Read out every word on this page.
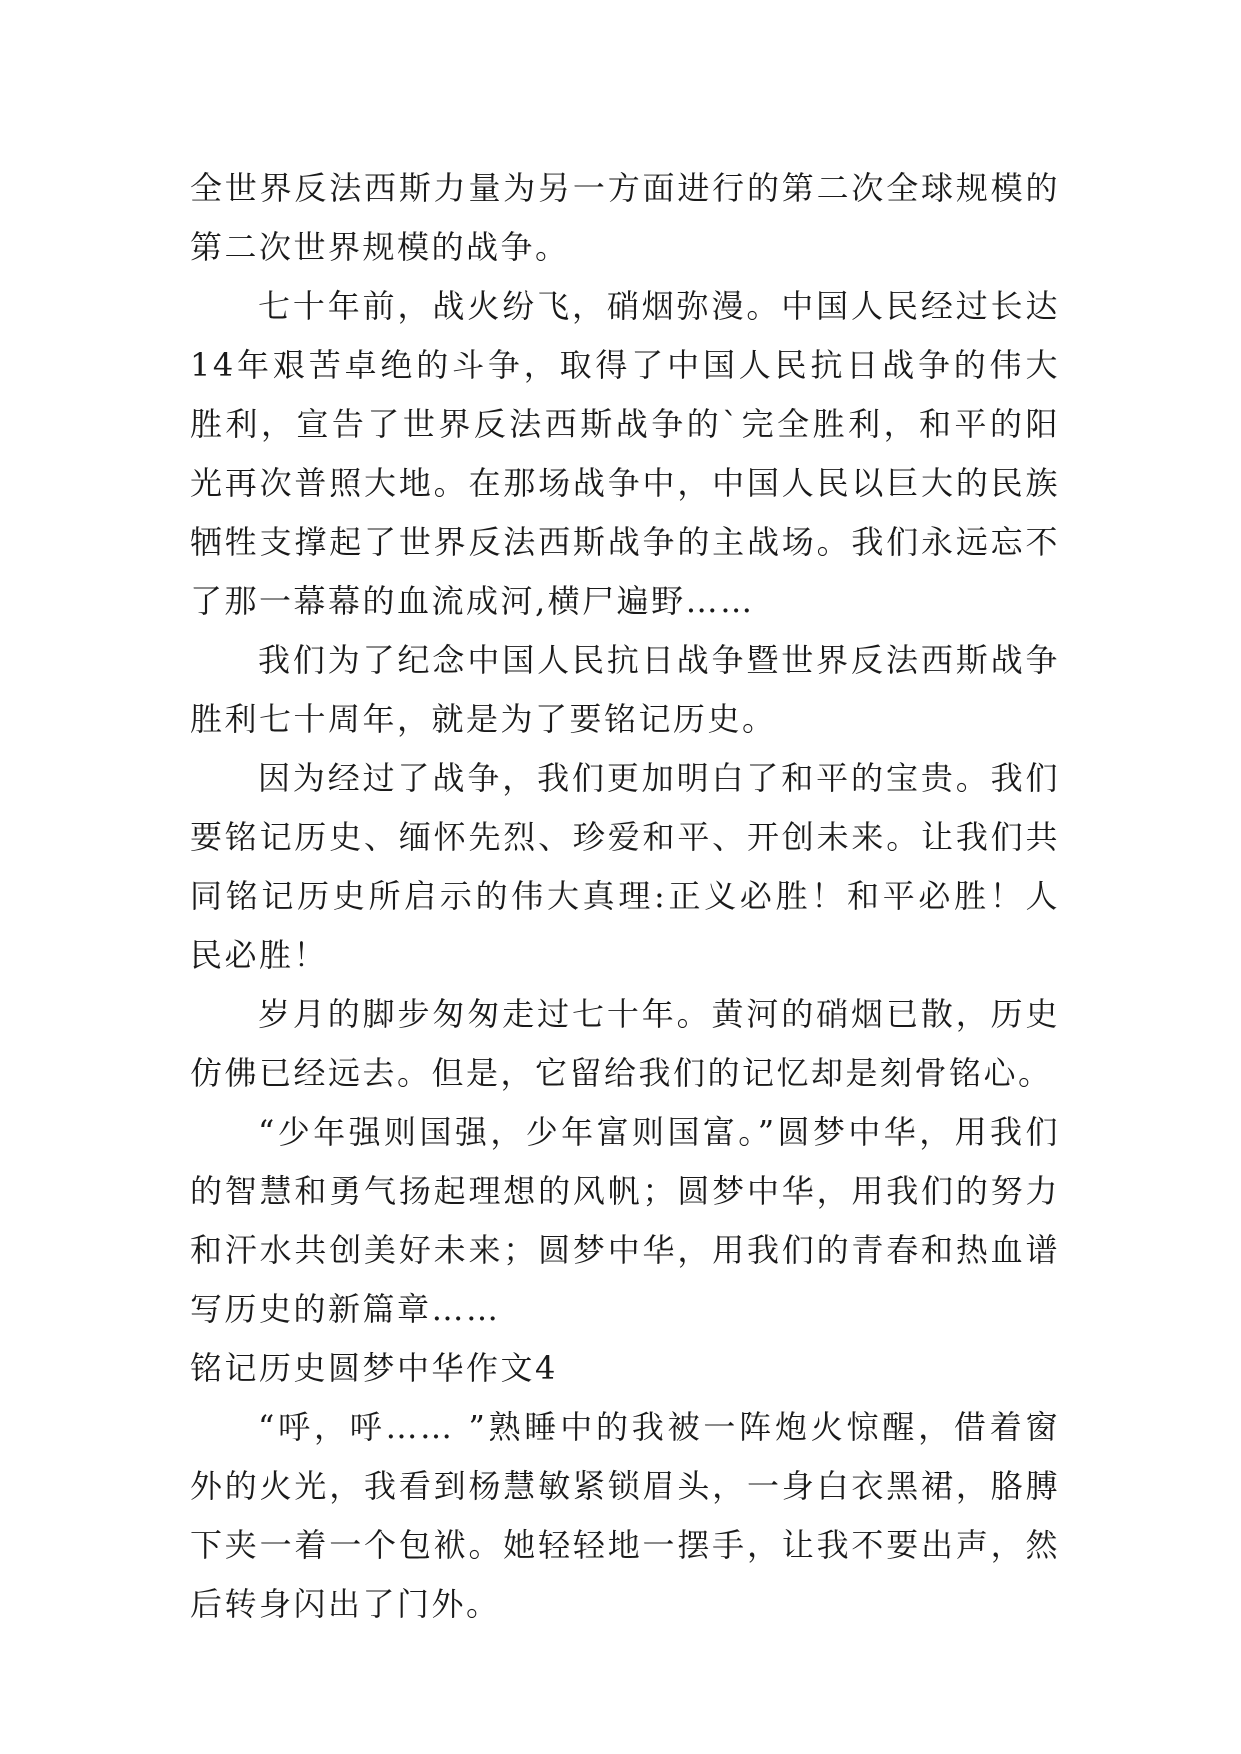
全世界反法西斯力量为另一方面进行的第二次全球规模的第二次世界规模的战争。

七十年前，战火纷飞，硝烟弥漫。中国人民经过长达14年艰苦卓绝的斗争，取得了中国人民抗日战争的伟大胜利，宣告了世界反法西斯战争的`完全胜利，和平的阳光再次普照大地。在那场战争中，中国人民以巨大的民族牺牲支撑起了世界反法西斯战争的主战场。我们永远忘不了那一幕幕的血流成河,横尸遍野……

我们为了纪念中国人民抗日战争暨世界反法西斯战争胜利七十周年，就是为了要铭记历史。

因为经过了战争，我们更加明白了和平的宝贵。我们要铭记历史、缅怀先烈、珍爱和平、开创未来。让我们共同铭记历史所启示的伟大真理:正义必胜！和平必胜！人民必胜！

岁月的脚步匆匆走过七十年。黄河的硝烟已散，历史仿佛已经远去。但是，它留给我们的记忆却是刻骨铭心。

“少年强则国强，少年富则国富。”圆梦中华，用我们的智慧和勇气扬起理想的风帆；圆梦中华，用我们的努力和汗水共创美好未来；圆梦中华，用我们的青春和热血谱写历史的新篇章……

铭记历史圆梦中华作文4

“呼，呼…… ”熟睡中的我被一阵炮火惊醒，借着窗外的火光，我看到杨慧敏紧锁眉头，一身白衣黑裙，胳膊下夹一着一个包袱。她轻轻地一摆手，让我不要出声，然后转身闪出了门外。
